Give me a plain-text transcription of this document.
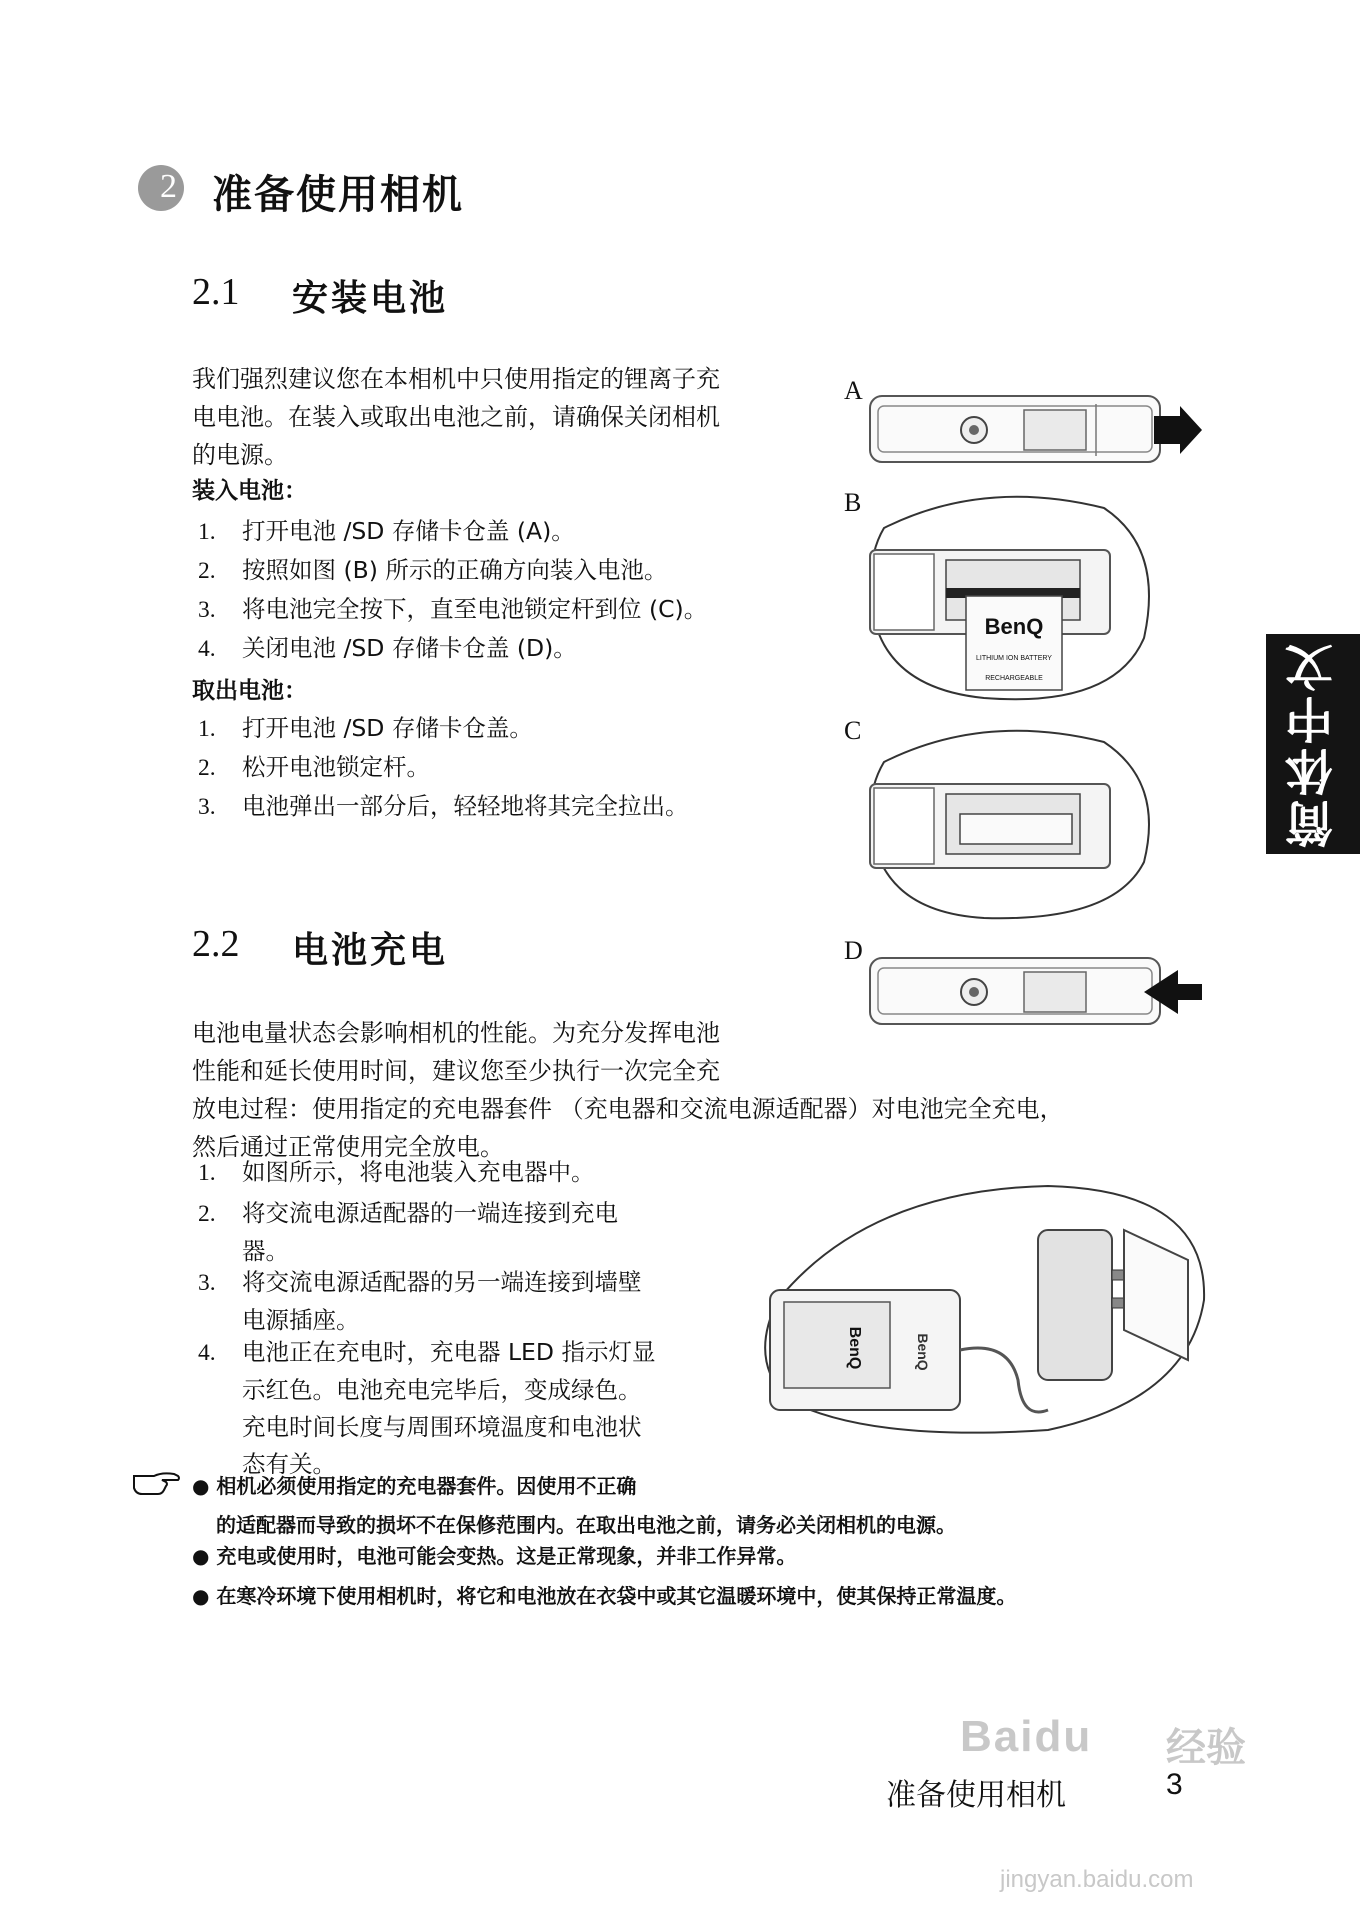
2 准备使用相机
2.1 安装电池
我们强烈建议您在本相机中只使用指定的锂离子充
电电池。在装入或取出电池之前，请确保关闭相机
的电源。
装入电池：
1. 打开电池 /SD 存储卡仓盖 (A)。
2. 按照如图 (B) 所示的正确方向装入电池。
3. 将电池完全按下，直至电池锁定杆到位 (C)。
4. 关闭电池 /SD 存储卡仓盖 (D)。
取出电池：
1. 打开电池 /SD 存储卡仓盖。
2. 松开电池锁定杆。
3. 电池弹出一部分后，轻轻地将其完全拉出。
2.2 电池充电
电池电量状态会影响相机的性能。为充分发挥电池
性能和延长使用时间，建议您至少执行一次完全充
放电过程：使用指定的充电器套件 （充电器和交流电源适配器）对电池完全充电，
然后通过正常使用完全放电。
1. 如图所示，将电池装入充电器中。
2. 将交流电源适配器的一端连接到充电
器。
3. 将交流电源适配器的另一端连接到墙壁
电源插座。
4. 电池正在充电时，充电器 LED 指示灯显
示红色。电池充电完毕后，变成绿色。
充电时间长度与周围环境温度和电池状
态有关。
● 相机必须使用指定的充电器套件。因使用不正确
的适配器而导致的损坏不在保修范围内。在取出电池之前，请务必关闭相机的电源。
● 充电或使用时，电池可能会变热。这是正常现象，并非工作异常。
● 在寒冷环境下使用相机时，将它和电池放在衣袋中或其它温暖环境中，使其保持正常温度。
A
B
C
D
BenQ
LITHIUM ION BATTERY
RECHARGEABLE
BenQ	BenQ
简体中文
准备使用相机	3
Baidu 经验
jingyan.baidu.com
